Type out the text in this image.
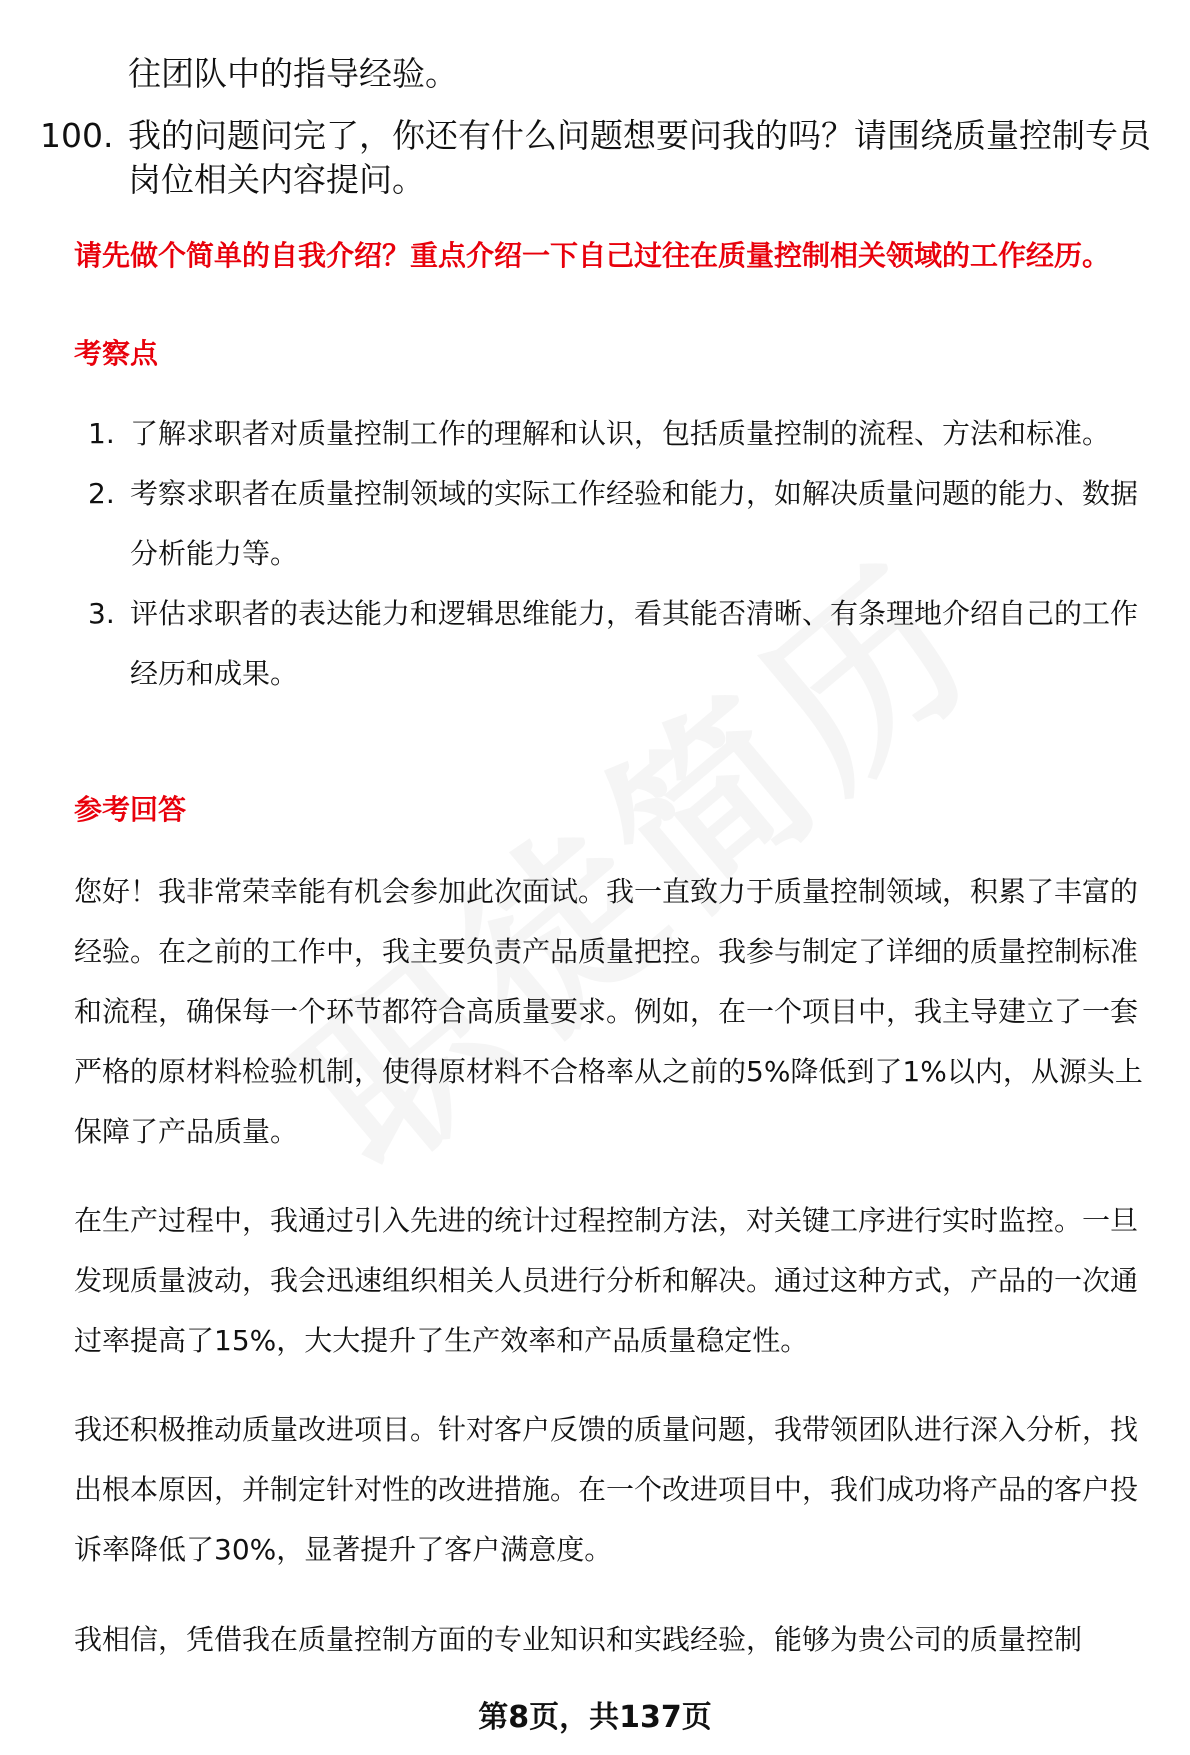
往团队中的指导经验。
100. 我的问题问完了，你还有什么问题想要问我的吗？请围绕质量控制专员岗位相关内容提问。
请先做个简单的自我介绍？重点介绍一下自己过往在质量控制相关领域的工作经历。
考察点
1. 了解求职者对质量控制工作的理解和认识，包括质量控制的流程、方法和标准。
2. 考察求职者在质量控制领域的实际工作经验和能力，如解决质量问题的能力、数据分析能力等。
3. 评估求职者的表达能力和逻辑思维能力，看其能否清晰、有条理地介绍自己的工作经历和成果。
参考回答

您好！我非常荣幸能有机会参加此次面试。我一直致力于质量控制领域，积累了丰富的经验。在之前的工作中，我主要负责产品质量把控。我参与制定了详细的质量控制标准和流程，确保每一个环节都符合高质量要求。例如，在一个项目中，我主导建立了一套严格的原材料检验机制，使得原材料不合格率从之前的5%降低到了1%以内，从源头上保障了产品质量。

在生产过程中，我通过引入先进的统计过程控制方法，对关键工序进行实时监控。一旦发现质量波动，我会迅速组织相关人员进行分析和解决。通过这种方式，产品的一次通过率提高了15%，大大提升了生产效率和产品质量稳定性。

我还积极推动质量改进项目。针对客户反馈的质量问题，我带领团队进行深入分析，找出根本原因，并制定针对性的改进措施。在一个改进项目中，我们成功将产品的客户投诉率降低了30%，显著提升了客户满意度。

我相信，凭借我在质量控制方面的专业知识和实践经验，能够为贵公司的质量控制

第8页，共137页
